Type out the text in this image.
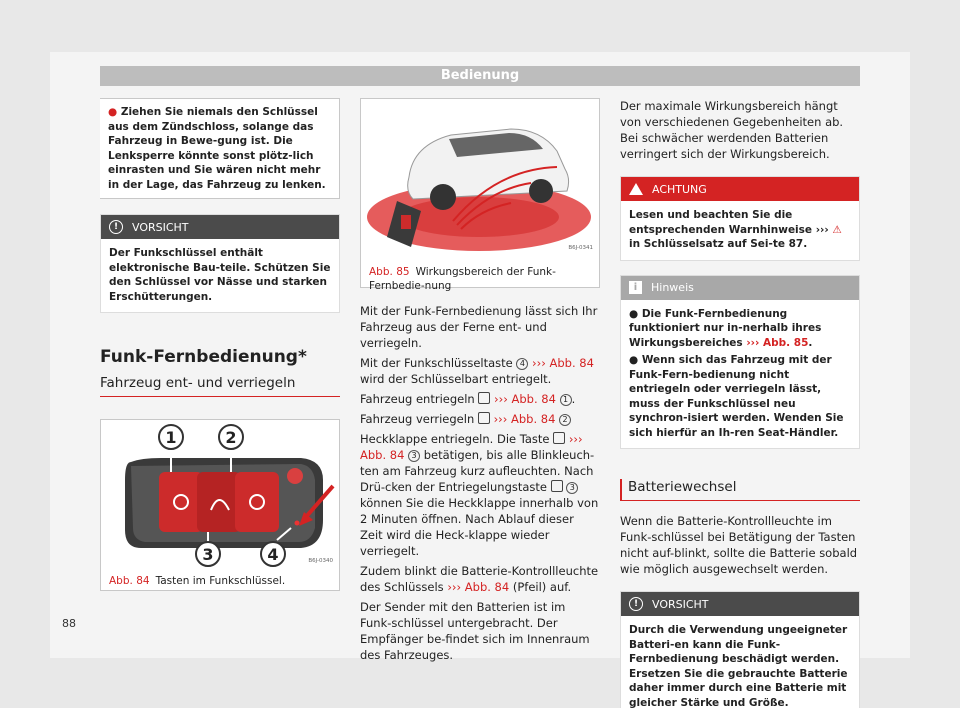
Bedienung
● Ziehen Sie niemals den Schlüssel aus dem Zündschloss, solange das Fahrzeug in Bewe-gung ist. Die Lenksperre könnte sonst plötz-lich einrasten und Sie wären nicht mehr in der Lage, das Fahrzeug zu lenken.
!	VORSICHT
Der Funkschlüssel enthält elektronische Bau-teile. Schützen Sie den Schlüssel vor Nässe und starken Erschütterungen.
Funk-Fernbedienung*
Fahrzeug ent- und verriegeln
1	2
3	4	B6J-0340
Abb. 84 Tasten im Funkschlüssel.
B6J-0341
Abb. 85 Wirkungsbereich der Funk-Fernbedie-nung
Mit der Funk-Fernbedienung lässt sich Ihr Fahrzeug aus der Ferne ent- und verriegeln.
Mit der Funkschlüsseltaste 4 ››› Abb. 84 wird der Schlüsselbart entriegelt.
Fahrzeug entriegeln ››› Abb. 84 1 .
Fahrzeug verriegeln ››› Abb. 84 2
Heckklappe entriegeln. Die Taste ››› Abb. 84 3 betätigen, bis alle Blinkleuch-ten am Fahrzeug kurz aufleuchten. Nach Drü-cken der Entriegelungstaste	3 können Sie die Heckklappe innerhalb von 2 Minuten öffnen. Nach Ablauf dieser Zeit wird die Heck-klappe wieder verriegelt.
Zudem blinkt die Batterie-Kontrollleuchte des Schlüssels ››› Abb. 84 (Pfeil) auf.
Der Sender mit den Batterien ist im Funk-schlüssel untergebracht. Der Empfänger be-findet sich im Innenraum des Fahrzeuges.
Der maximale Wirkungsbereich hängt von verschiedenen Gegebenheiten ab. Bei schwächer werdenden Batterien verringert sich der Wirkungsbereich.
ACHTUNG
Lesen und beachten Sie die entsprechenden Warnhinweise ››› ⚠ in Schlüsselsatz auf Sei-te 87.
i	Hinweis
● Die Funk-Fernbedienung funktioniert nur in-nerhalb ihres Wirkungsbereiches ››› Abb. 85.
● Wenn sich das Fahrzeug mit der Funk-Fern-bedienung nicht entriegeln oder verriegeln lässt, muss der Funkschlüssel neu synchron-isiert werden. Wenden Sie sich hierfür an Ih-ren Seat-Händler.
Batteriewechsel
Wenn die Batterie-Kontrollleuchte im Funk-schlüssel bei Betätigung der Tasten nicht auf-blinkt, sollte die Batterie sobald wie möglich ausgewechselt werden.
!	VORSICHT
Durch die Verwendung ungeeigneter Batteri-en kann die Funk-Fernbedienung beschädigt werden. Ersetzen Sie die gebrauchte Batterie daher immer durch eine Batterie mit gleicher Stärke und Größe.
88
